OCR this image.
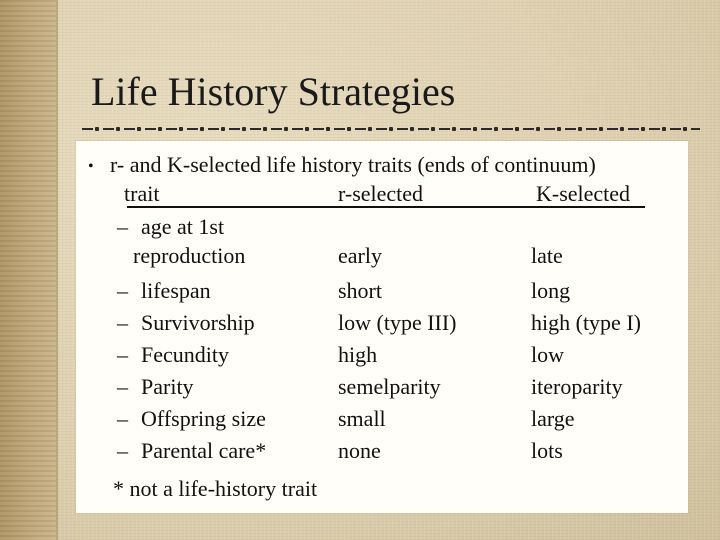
Life History Strategies
• r- and K-selected life history traits (ends of continuum)
trait	r-selected	K-selected
– age at 1st
reproduction	early	late
– lifespan	short	long
– Survivorship	low (type III)	high (type I)
– Fecundity	high	low
– Parity	semelparity	iteroparity
– Offspring size	small	large
– Parental care*	none	lots
* not a life-history trait
